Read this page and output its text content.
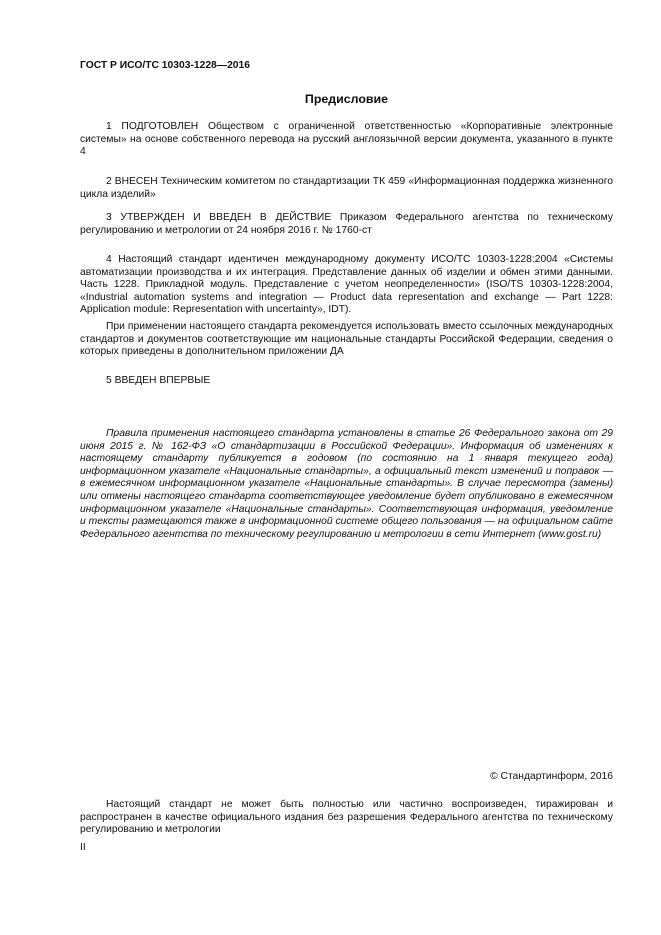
ГОСТ Р ИСО/ТС 10303-1228—2016
Предисловие

1 ПОДГОТОВЛЕН Обществом с ограниченной ответственностью «Корпоративные электронные системы» на основе собственного перевода на русский англоязычной версии документа, указанного в пункте 4

2 ВНЕСЕН Техническим комитетом по стандартизации ТК 459 «Информационная поддержка жизненного цикла изделий»

3 УТВЕРЖДЕН И ВВЕДЕН В ДЕЙСТВИЕ Приказом Федерального агентства по техническому регулированию и метрологии от 24 ноября 2016 г. № 1760-ст

4 Настоящий стандарт идентичен международному документу ИСО/ТС 10303-1228:2004 «Системы автоматизации производства и их интеграция. Представление данных об изделии и обмен этими данными. Часть 1228. Прикладной модуль. Представление с учетом неопределенности» (ISO/TS 10303-1228:2004, «Industrial automation systems and integration — Product data representation and exchange — Part 1228: Application module: Representation with uncertainty», IDT).

При применении настоящего стандарта рекомендуется использовать вместо ссылочных международных стандартов и документов соответствующие им национальные стандарты Российской Федерации, сведения о которых приведены в дополнительном приложении ДА

5 ВВЕДЕН ВПЕРВЫЕ

Правила применения настоящего стандарта установлены в статье 26 Федерального закона от 29 июня 2015 г. № 162-ФЗ «О стандартизации в Российской Федерации». Информация об изменениях к настоящему стандарту публикуется в годовом (по состоянию на 1 января текущего года) информационном указателе «Национальные стандарты», а официальный текст изменений и поправок — в ежемесячном информационном указателе «Национальные стандарты». В случае пересмотра (замены) или отмены настоящего стандарта соответствующее уведомление будет опубликовано в ежемесячном информационном указателе «Национальные стандарты». Соответствующая информация, уведомление и тексты размещаются также в информационной системе общего пользования — на официальном сайте Федерального агентства по техническому регулированию и метрологии в сети Интернет (www.gost.ru)

© Стандартинформ, 2016

Настоящий стандарт не может быть полностью или частично воспроизведен, тиражирован и распространен в качестве официального издания без разрешения Федерального агентства по техническому регулированию и метрологии

II
